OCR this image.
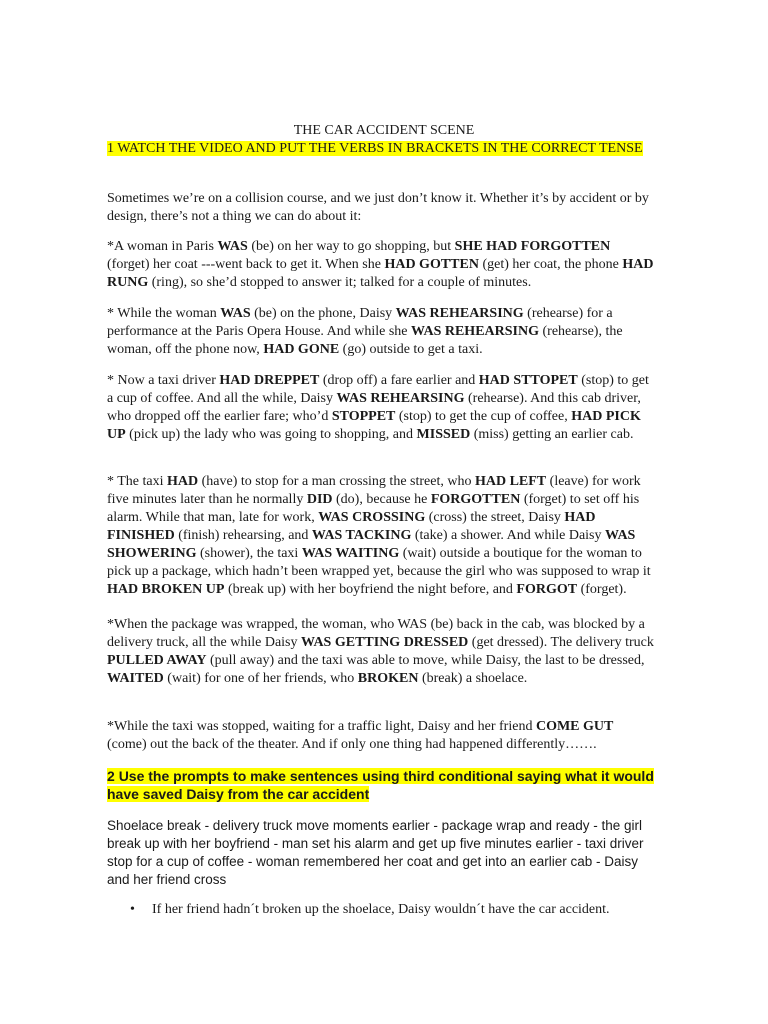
THE CAR ACCIDENT SCENE
1 WATCH THE VIDEO AND PUT THE VERBS IN BRACKETS IN THE CORRECT TENSE

Sometimes we’re on a collision course, and we just don’t know it. Whether it’s by accident or by design, there’s not a thing we can do about it:

*A woman in Paris WAS (be) on her way to go shopping, but SHE HAD FORGOTTEN (forget) her coat ---went back to get it. When she HAD GOTTEN (get) her coat, the phone HAD RUNG (ring), so she’d stopped to answer it; talked for a couple of minutes.

* While the woman WAS (be) on the phone, Daisy WAS REHEARSING (rehearse) for a performance at the Paris Opera House. And while she WAS REHEARSING (rehearse), the woman, off the phone now, HAD GONE (go) outside to get a taxi.

* Now a taxi driver HAD DREPPET (drop off) a fare earlier and HAD STTOPET (stop) to get a cup of coffee. And all the while, Daisy WAS REHEARSING (rehearse). And this cab driver, who dropped off the earlier fare; who’d STOPPET (stop) to get the cup of coffee, HAD PICK UP (pick up) the lady who was going to shopping, and MISSED (miss) getting an earlier cab.

* The taxi HAD (have) to stop for a man crossing the street, who HAD LEFT (leave) for work five minutes later than he normally DID (do), because he FORGOTTEN (forget) to set off his alarm. While that man, late for work, WAS CROSSING (cross) the street, Daisy HAD FINISHED (finish) rehearsing, and WAS TACKING (take) a shower. And while Daisy WAS SHOWERING (shower), the taxi WAS WAITING (wait) outside a boutique for the woman to pick up a package, which hadn’t been wrapped yet, because the girl who was supposed to wrap it HAD BROKEN UP (break up) with her boyfriend the night before, and FORGOT (forget).

*When the package was wrapped, the woman, who WAS (be) back in the cab, was blocked by a delivery truck, all the while Daisy WAS GETTING DRESSED (get dressed). The delivery truck PULLED AWAY (pull away) and the taxi was able to move, while Daisy, the last to be dressed, WAITED (wait) for one of her friends, who BROKEN (break) a shoelace.

*While the taxi was stopped, waiting for a traffic light, Daisy and her friend COME GUT (come) out the back of the theater. And if only one thing had happened differently…….

2 Use the prompts to make sentences using third conditional saying what it would have saved Daisy from the car accident

Shoelace break - delivery truck move moments earlier - package wrap and ready - the girl break up with her boyfriend - man set his alarm and get up five minutes earlier - taxi driver stop for a cup of coffee - woman remembered her coat and get into an earlier cab - Daisy and her friend cross

• If her friend hadn´t broken up the shoelace, Daisy wouldn´t have the car accident.
